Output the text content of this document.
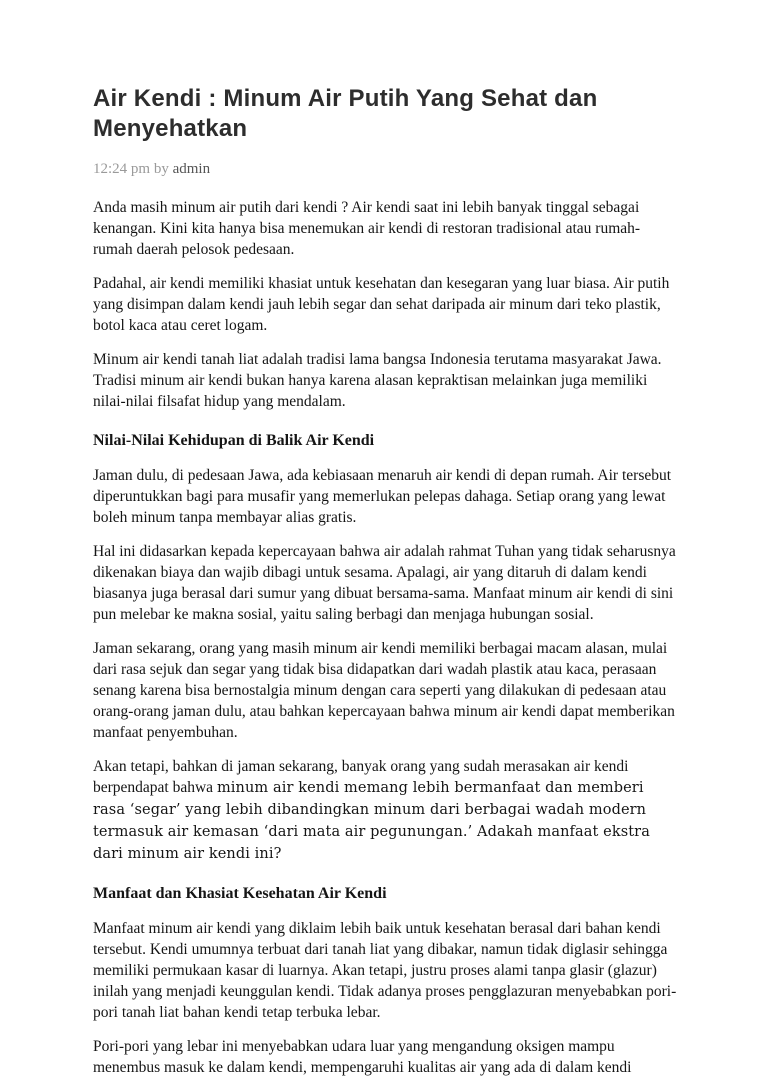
Air Kendi : Minum Air Putih Yang Sehat dan Menyehatkan
12:24 pm by admin

Anda masih minum air putih dari kendi ? Air kendi saat ini lebih banyak tinggal sebagai kenangan. Kini kita hanya bisa menemukan air kendi di restoran tradisional atau rumah-rumah daerah pelosok pedesaan.

Padahal, air kendi memiliki khasiat untuk kesehatan dan kesegaran yang luar biasa. Air putih yang disimpan dalam kendi jauh lebih segar dan sehat daripada air minum dari teko plastik, botol kaca atau ceret logam.

Minum air kendi tanah liat adalah tradisi lama bangsa Indonesia terutama masyarakat Jawa. Tradisi minum air kendi bukan hanya karena alasan kepraktisan melainkan juga memiliki nilai-nilai filsafat hidup yang mendalam.

Nilai-Nilai Kehidupan di Balik Air Kendi

Jaman dulu, di pedesaan Jawa, ada kebiasaan menaruh air kendi di depan rumah. Air tersebut diperuntukkan bagi para musafir yang memerlukan pelepas dahaga. Setiap orang yang lewat boleh minum tanpa membayar alias gratis.

Hal ini didasarkan kepada kepercayaan bahwa air adalah rahmat Tuhan yang tidak seharusnya dikenakan biaya dan wajib dibagi untuk sesama. Apalagi, air yang ditaruh di dalam kendi biasanya juga berasal dari sumur yang dibuat bersama-sama. Manfaat minum air kendi di sini pun melebar ke makna sosial, yaitu saling berbagi dan menjaga hubungan sosial.

Jaman sekarang, orang yang masih minum air kendi memiliki berbagai macam alasan, mulai dari rasa sejuk dan segar yang tidak bisa didapatkan dari wadah plastik atau kaca, perasaan senang karena bisa bernostalgia minum dengan cara seperti yang dilakukan di pedesaan atau orang-orang jaman dulu, atau bahkan kepercayaan bahwa minum air kendi dapat memberikan manfaat penyembuhan.

Akan tetapi, bahkan di jaman sekarang, banyak orang yang sudah merasakan air kendi berpendapat bahwa minum air kendi memang lebih bermanfaat dan memberi rasa ‘segar’ yang lebih dibandingkan minum dari berbagai wadah modern termasuk air kemasan ‘dari mata air pegunungan.’ Adakah manfaat ekstra dari minum air kendi ini?

Manfaat dan Khasiat Kesehatan Air Kendi

Manfaat minum air kendi yang diklaim lebih baik untuk kesehatan berasal dari bahan kendi tersebut. Kendi umumnya terbuat dari tanah liat yang dibakar, namun tidak diglasir sehingga memiliki permukaan kasar di luarnya. Akan tetapi, justru proses alami tanpa glasir (glazur) inilah yang menjadi keunggulan kendi. Tidak adanya proses pengglazuran menyebabkan pori-pori tanah liat bahan kendi tetap terbuka lebar.

Pori-pori yang lebar ini menyebabkan udara luar yang mengandung oksigen mampu menembus masuk ke dalam kendi, mempengaruhi kualitas air yang ada di dalam kendi
